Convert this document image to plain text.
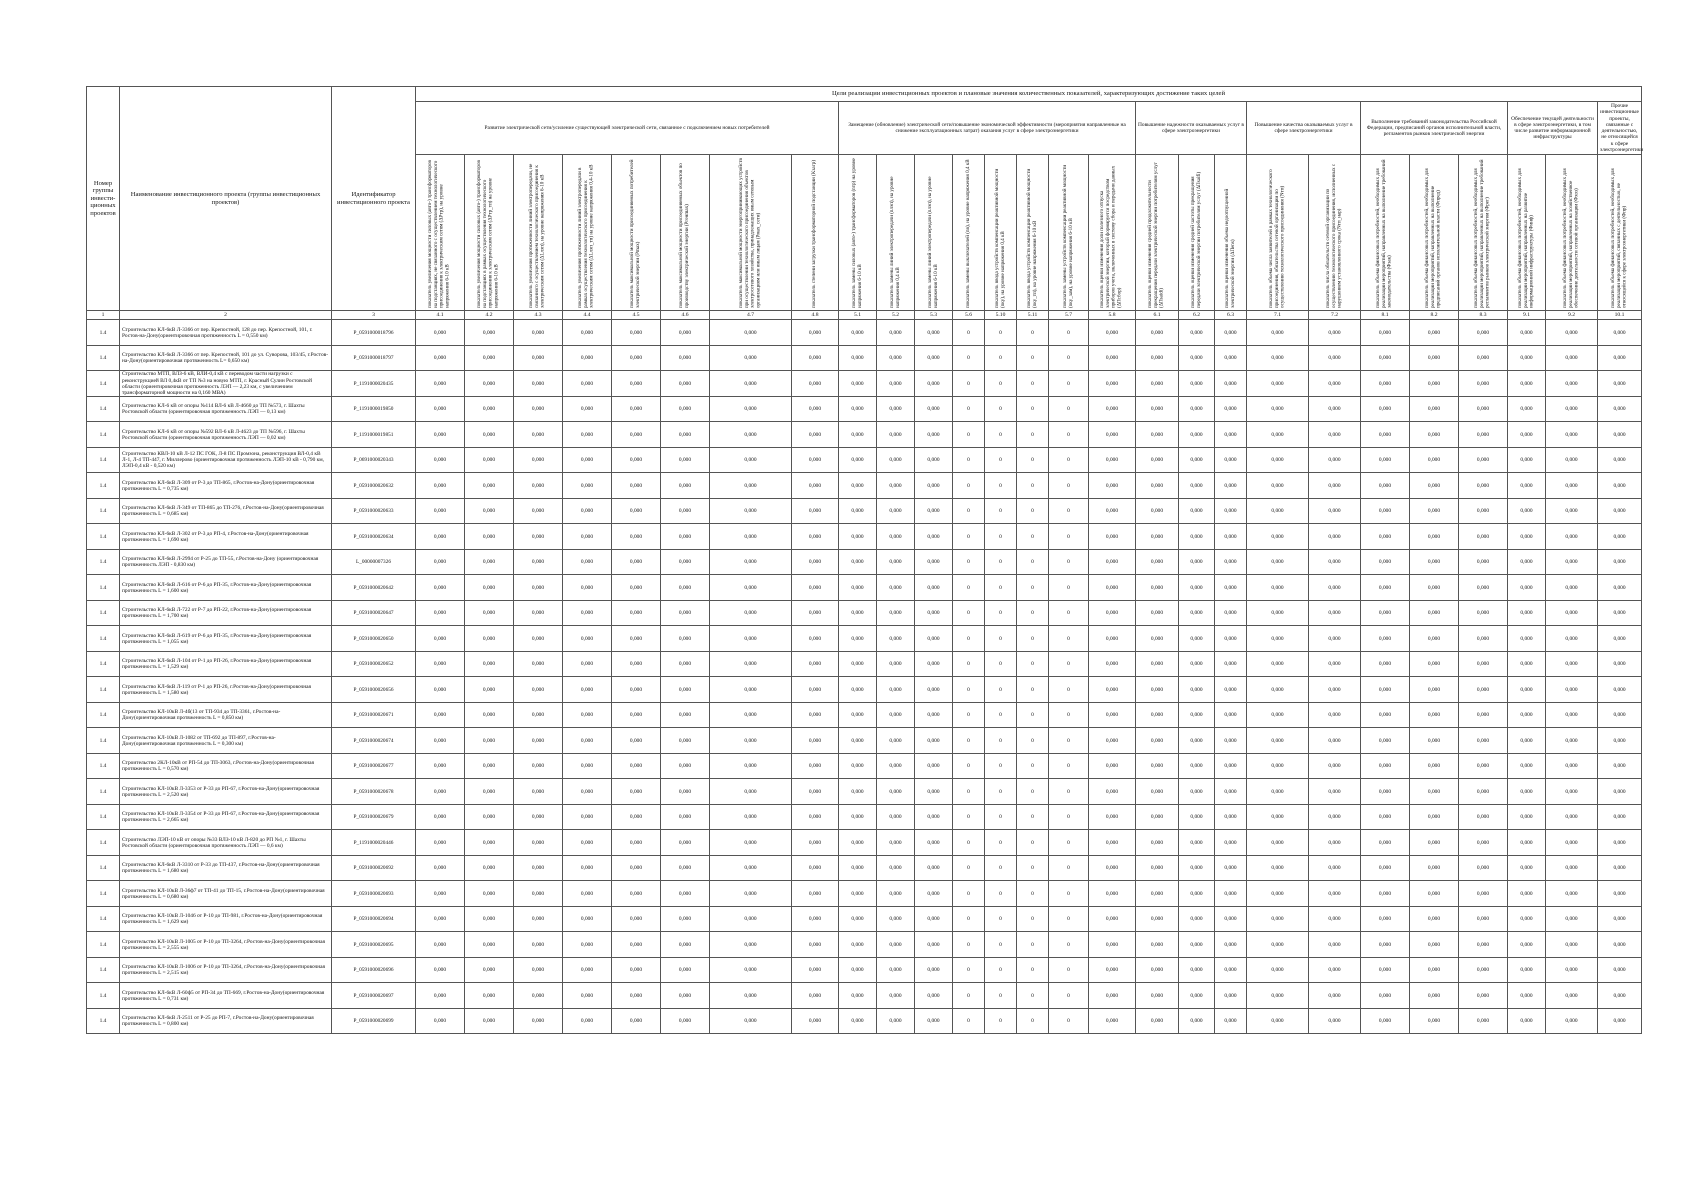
Номер группы инвести-ционных проектов	Наименование инвестиционного проекта (группы инвестиционных проектов)	Идентификатор инвестиционного проекта	Цели реализации инвестиционных проектов и плановые значения количественных показателей, характеризующих достижение таких целей																										
			Развитие электрической сети/усиление существующей электрической сети, связанное с подключением новых потребителей								Замещение (обновление) электрической сети/повышение экономической эффективности (мероприятия направленные на снижение эксплуатационных затрат) оказания услуг в сфере электроэнергетики								Повышение надежности оказываемых услуг в сфере электроэнергетики			Повышение качества оказываемых услуг в сфере электроэнергетики		Выполнение требований законодательства Российской Федерации, предписаний органов исполнительной власти, регламентов рынков электрической энергии			Обеспечение текущей деятельности в сфере электроэнергетики, в том числе развитие информационной инфраструктуры		Прочие инвестиционные проекты, связанные с деятельностью, не относящейся к сфере электроэнергетики

			показатель увеличения мощности силовых (авто-) трансформаторов на подстанциях, не связанного с осуществлением технологического присоединения к электрическим сетям (ΔPтр), на уровне напряжения 6-10 кВ	показатель увеличения мощности силовых (авто-) трансформаторов на подстанциях в рамках осуществления технологического присоединения к электрическим сетям (ΔPтр_тп) на уровне напряжения 6-10 кВ	показатель увеличения протяженности линий электропередачи, не связанного с осуществлением технологического присоединения к электрическим сетям (ΔLлэп), на уровне напряжения 6-10 кВ	показатель увеличения протяженности линий электропередачи в рамках осуществления технологического присоединения к электрическим сетям (ΔLлэп_тп) на уровне напряжения 0,4-10 кВ	показатель максимальной мощности присоединяемых потребителей электрической энергии (Pmax)	показатель максимальной мощности присоединяемых объектов по производству электрической энергии (Pгенmax)	показатель максимальной мощности энергопринимающих устройств при осуществлении технологического присоединения объектов электросетевого хозяйства, принадлежащих иным сетевым организациям или иным лицам (Pмаx_сети)	показатель степени загрузки трансформаторной подстанции (Kзагр)	показатель замены силовых (авто-) трансформаторов (nтр) на уровне напряжения 6-10 кВ	показатель замены линий электропередачи (nлэп), на уровне напряжения 0,4 кВ	показатель замены линий электропередачи (nлэп), на уровне напряжения 6-10 кВ	показатель замены выключателей (nв), на уровне напряжения 0,4 кВ	показатель ввода устройств компенсации реактивной мощности (nку), на уровне напряжения 0,4 кВ	показатель ввода устройств компенсации реактивной мощности (nку_тп), на уровне напряжения 6-10 кВ	показатель замены устройств компенсации реактивной мощности (nку_зам), на уровне напряжения 6-10 кВ	показатель оценки изменения доли полезного отпуска электрической энергии, который формируется посредством приборов учета, включенных в систему сбора и передачи данных (ΔПсбор)	показатель оценки изменения средней продолжительности прекращения передачи электрической энергии потребителям услуг (ΔПsaidi)	показатель оценки изменения средней частоты прекращения передачи электрической энергии потребителям услуг (ΔПsaifi)	показатель оценки изменения объема недоотпущенной электрической энергии (ΔПens)	показатель объема числа заявителей в рамках технологического присоединения, обязательства сетевой организации по осуществлению технологического присоединения (Nтп)	показатель числа обязательств сетевой организации по осуществлению технологического присоединения, исполненных с нарушением установленного срока (Nтп_нар)	показатель объема финансовых потребностей, необходимых для реализации мероприятий, направленных на выполнение требований законодательства (Фзак)	показатель объема финансовых потребностей, необходимых для реализации мероприятий, направленных на выполнение предписаний органов исполнительной власти (Фпред)	показатель объема финансовых потребностей, необходимых для реализации мероприятий, направленных на выполнение требований регламентов рынков электрической энергии (Фрег)	показатель объема финансовых потребностей, необходимых для реализации мероприятий, направленных на развитие информационной инфраструктуры (Финф)	показатель объема финансовых потребностей, необходимых для реализации мероприятий, направленных на хозяйственное обеспечение деятельности сетевой организации (Фхоз)	показатель объема финансовых потребностей, необходимых для реализации мероприятий, связанных с деятельностью, не относящейся к сфере электроэнергетики (Фпр)

1	2	3	4.1	4.2	4.3	4.4	4.5	4.6	4.7	4.8	5.1	5.2	5.3	5.6	5.10	5.11	5.7	5.8	6.1	6.2	6.3	7.1	7.2	8.1	8.2	8.3	9.1	9.2	10.1
1.4	Строительство КЛ-6кВ Л-3366 от пер. Крепостной, 128 до пер. Крепостной, 101, г. Ростов-на-Дону(ориентировочная протяженность L = 0,550 км)	P_0591000018796	0,000	0,000	0,000	0,000	0,000	0,000	0,000	0,000	0,000	0,000	0,000	0	0	0	0	0,000	0,000	0,000	0,000	0,000	0,000	0,000	0,000	0,000	0,000	0,000	0,000
1.4	Строительство КЛ-6кВ Л-3366 от пер. Крепостной, 101 до ул. Суворова, 103/45, г.Ростов-на-Дону(ориентировочная протяженность L= 0,650 км)	P_0591000018797	0,000	0,000	0,000	0,000	0,000	0,000	0,000	0,000	0,000	0,000	0,000	0	0	0	0	0,000	0,000	0,000	0,000	0,000	0,000	0,000	0,000	0,000	0,000	0,000	0,000
1.4	Строительство МТП, ВЛЗ-6 кВ, ВЛИ-0,4 кВ с переводом части нагрузки с реконструкцией ВЛ 0,4кВ от ТП №3 на новую МТП, г. Красный Сулин Ростовской области (ориентировочная протяженность ЛЭП — 2,23 км, с увеличением трансформаторной мощности на 0,160 МВА)	P_1191000020435	0,000	0,000	0,000	0,000	0,000	0,000	0,000	0,000	0,000	0,000	0,000	0	0	0	0	0,000	0,000	0,000	0,000	0,000	0,000	0,000	0,000	0,000	0,000	0,000	0,000
1.4	Строительство КЛ-6 кВ от опоры №114 ВЛ-6 кВ Л-4660 до ТП №573, г. Шахты Ростовской области (ориентировочная протяженность ЛЭП — 0,13 км)	P_1191000019850	0,000	0,000	0,000	0,000	0,000	0,000	0,000	0,000	0,000	0,000	0,000	0	0	0	0	0,000	0,000	0,000	0,000	0,000	0,000	0,000	0,000	0,000	0,000	0,000	0,000
1.4	Строительство КЛ-6 кВ от опоры №592 ВЛ-6 кВ Л-4623 до ТП №596, г. Шахты Ростовской области (ориентировочная протяженность ЛЭП — 0,02 км)	P_1191000019851	0,000	0,000	0,000	0,000	0,000	0,000	0,000	0,000	0,000	0,000	0,000	0	0	0	0	0,000	0,000	0,000	0,000	0,000	0,000	0,000	0,000	0,000	0,000	0,000	0,000
1.4	Строительство КВЛ-10 кВ Л-12 ПС ГОК, Л-8 ПС Промзона, реконструкция ВЛ-0,4 кВ Л-1, Л-4 ТП-447, г. Миллерово (ориентировочная протяженность ЛЭП-10 кВ - 0,790 км, ЛЭП-0,4 кВ - 0,520 км)	P_0691000020343	0,000	0,000	0,000	0,000	0,000	0,000	0,000	0,000	0,000	0,000	0,000	0	0	0	0	0,000	0,000	0,000	0,000	0,000	0,000	0,000	0,000	0,000	0,000	0,000	0,000
1.4	Строительство КЛ-6кВ Л-309 от Р-3 до ТП-865, г.Ростов-на-Дону(ориентировочная протяженность L = 0,735 км)	P_0591000020632	0,000	0,000	0,000	0,000	0,000	0,000	0,000	0,000	0,000	0,000	0,000	0	0	0	0	0,000	0,000	0,000	0,000	0,000	0,000	0,000	0,000	0,000	0,000	0,000	0,000
1.4	Строительство КЛ-6кВ Л-349 от ТП-865 до ТП-276, г.Ростов-на-Дону(ориентировочная протяженность L = 0,685 км)	P_0591000020633	0,000	0,000	0,000	0,000	0,000	0,000	0,000	0,000	0,000	0,000	0,000	0	0	0	0	0,000	0,000	0,000	0,000	0,000	0,000	0,000	0,000	0,000	0,000	0,000	0,000
1.4	Строительство КЛ-6кВ Л-302 от Р-3 до РП-4, г.Ростов-на-Дону(ориентировочная протяженность L = 1,690 км)	P_0591000020634	0,000	0,000	0,000	0,000	0,000	0,000	0,000	0,000	0,000	0,000	0,000	0	0	0	0	0,000	0,000	0,000	0,000	0,000	0,000	0,000	0,000	0,000	0,000	0,000	0,000
1.4	Строительство КЛ-6кВ Л-2994 от Р-25 до ТП-55, г.Ростов-на-Дону (ориентировочная протяженность ЛЭП - 0,830 км)	L_00000007326	0,000	0,000	0,000	0,000	0,000	0,000	0,000	0,000	0,000	0,000	0,000	0	0	0	0	0,000	0,000	0,000	0,000	0,000	0,000	0,000	0,000	0,000	0,000	0,000	0,000
1.4	Строительство КЛ-6кВ Л-616 от Р-6 до РП-35, г.Ростов-на-Дону(ориентировочная протяженность L = 1,600 км)	P_0591000020642	0,000	0,000	0,000	0,000	0,000	0,000	0,000	0,000	0,000	0,000	0,000	0	0	0	0	0,000	0,000	0,000	0,000	0,000	0,000	0,000	0,000	0,000	0,000	0,000	0,000
1.4	Строительство КЛ-6кВ Л-722 от Р-7 до РП-22, г.Ростов-на-Дону(ориентировочная протяженность L = 1,700 км)	P_0591000020647	0,000	0,000	0,000	0,000	0,000	0,000	0,000	0,000	0,000	0,000	0,000	0	0	0	0	0,000	0,000	0,000	0,000	0,000	0,000	0,000	0,000	0,000	0,000	0,000	0,000
1.4	Строительство КЛ-6кВ Л-619 от Р-6 до РП-35, г.Ростов-на-Дону(ориентировочная протяженность L = 1,055 км)	P_0591000020650	0,000	0,000	0,000	0,000	0,000	0,000	0,000	0,000	0,000	0,000	0,000	0	0	0	0	0,000	0,000	0,000	0,000	0,000	0,000	0,000	0,000	0,000	0,000	0,000	0,000
1.4	Строительство КЛ-6кВ Л-104 от Р-1 до РП-26, г.Ростов-на-Дону(ориентировочная протяженность L = 1,529 км)	P_0591000020652	0,000	0,000	0,000	0,000	0,000	0,000	0,000	0,000	0,000	0,000	0,000	0	0	0	0	0,000	0,000	0,000	0,000	0,000	0,000	0,000	0,000	0,000	0,000	0,000	0,000
1.4	Строительство КЛ-6кВ Л-119 от Р-1 до РП-26, г.Ростов-на-Дону(ориентировочная протяженность L = 1,580 км)	P_0591000020656	0,000	0,000	0,000	0,000	0,000	0,000	0,000	0,000	0,000	0,000	0,000	0	0	0	0	0,000	0,000	0,000	0,000	0,000	0,000	0,000	0,000	0,000	0,000	0,000	0,000
1.4	Строительство КЛ-10кВ Л-4б(13 от ТП-934 до ТП-3361, г.Ростов-на-Дону(ориентировочная протяженность L = 0,850 км)	P_0591000020671	0,000	0,000	0,000	0,000	0,000	0,000	0,000	0,000	0,000	0,000	0,000	0	0	0	0	0,000	0,000	0,000	0,000	0,000	0,000	0,000	0,000	0,000	0,000	0,000	0,000
1.4	Строительство КЛ-10кВ Л-1082 от ТП-692 до ТП-897, г.Ростов-на-Дону(ориентировочная протяженность L = 0,300 км)	P_0591000020674	0,000	0,000	0,000	0,000	0,000	0,000	0,000	0,000	0,000	0,000	0,000	0	0	0	0	0,000	0,000	0,000	0,000	0,000	0,000	0,000	0,000	0,000	0,000	0,000	0,000
1.4	Строительство 2КЛ-10кВ от РП-54 до ТП-3063, г.Ростов-на-Дону(ориентировочная протяженность L = 0,570 км)	P_0591000020677	0,000	0,000	0,000	0,000	0,000	0,000	0,000	0,000	0,000	0,000	0,000	0	0	0	0	0,000	0,000	0,000	0,000	0,000	0,000	0,000	0,000	0,000	0,000	0,000	0,000
1.4	Строительство КЛ-10кВ Л-3353 от Р-33 до РП-67, г.Ростов-на-Дону(ориентировочная протяженность L = 2,520 км)	P_0591000020678	0,000	0,000	0,000	0,000	0,000	0,000	0,000	0,000	0,000	0,000	0,000	0	0	0	0	0,000	0,000	0,000	0,000	0,000	0,000	0,000	0,000	0,000	0,000	0,000	0,000
1.4	Строительство КЛ-10кВ Л-3354 от Р-33 до РП-67, г.Ростов-на-Дону(ориентировочная протяженность L = 2,665 км)	P_0591000020679	0,000	0,000	0,000	0,000	0,000	0,000	0,000	0,000	0,000	0,000	0,000	0	0	0	0	0,000	0,000	0,000	0,000	0,000	0,000	0,000	0,000	0,000	0,000	0,000	0,000
1.4	Строительство ЛЭП-10 кВ от опоры №33 ВЛЗ-10 кВ Л-820 до РП №1, г. Шахты Ростовской области (ориентировочная протяженность ЛЭП — 0,6 км)	P_1191000020446	0,000	0,000	0,000	0,000	0,000	0,000	0,000	0,000	0,000	0,000	0,000	0	0	0	0	0,000	0,000	0,000	0,000	0,000	0,000	0,000	0,000	0,000	0,000	0,000	0,000
1.4	Строительство КЛ-6кВ Л-3310 от Р-33 до ТП-437, г.Ростов-на-Дону(ориентировочная протяженность L = 1,680 км)	P_0591000020692	0,000	0,000	0,000	0,000	0,000	0,000	0,000	0,000	0,000	0,000	0,000	0	0	0	0	0,000	0,000	0,000	0,000	0,000	0,000	0,000	0,000	0,000	0,000	0,000	0,000
1.4	Строительство КЛ-10кВ Л-36ф7 от ТП-41 до ТП-15, г.Ростов-на-Дону(ориентировочная протяженность L = 0,680 км)	P_0591000020693	0,000	0,000	0,000	0,000	0,000	0,000	0,000	0,000	0,000	0,000	0,000	0	0	0	0	0,000	0,000	0,000	0,000	0,000	0,000	0,000	0,000	0,000	0,000	0,000	0,000
1.4	Строительство КЛ-10кВ Л-1046 от Р-10 до ТП-981, г.Ростов-на-Дону(ориентировочная протяженность L = 1,629 км)	P_0591000020694	0,000	0,000	0,000	0,000	0,000	0,000	0,000	0,000	0,000	0,000	0,000	0	0	0	0	0,000	0,000	0,000	0,000	0,000	0,000	0,000	0,000	0,000	0,000	0,000	0,000
1.4	Строительство КЛ-10кВ Л-1005 от Р-10 до ТП-3264, г.Ростов-на-Дону(ориентировочная протяженность L = 2,555 км)	P_0591000020695	0,000	0,000	0,000	0,000	0,000	0,000	0,000	0,000	0,000	0,000	0,000	0	0	0	0	0,000	0,000	0,000	0,000	0,000	0,000	0,000	0,000	0,000	0,000	0,000	0,000
1.4	Строительство КЛ-10кВ Л-1006 от Р-10 до ТП-3264, г.Ростов-на-Дону(ориентировочная протяженность L = 2,515 км)	P_0591000020696	0,000	0,000	0,000	0,000	0,000	0,000	0,000	0,000	0,000	0,000	0,000	0	0	0	0	0,000	0,000	0,000	0,000	0,000	0,000	0,000	0,000	0,000	0,000	0,000	0,000
1.4	Строительство КЛ-6кВ Л-60ф5 от РП-34 до ТП-669, г.Ростов-на-Дону(ориентировочная протяженность L = 0,731 км)	P_0591000020697	0,000	0,000	0,000	0,000	0,000	0,000	0,000	0,000	0,000	0,000	0,000	0	0	0	0	0,000	0,000	0,000	0,000	0,000	0,000	0,000	0,000	0,000	0,000	0,000	0,000
1.4	Строительство КЛ-6кВ Л-2511 от Р-25 до РП-7, г.Ростов-на-Дону(ориентировочная протяженность L = 0,800 км)	P_0591000020699	0,000	0,000	0,000	0,000	0,000	0,000	0,000	0,000	0,000	0,000	0,000	0	0	0	0	0,000	0,000	0,000	0,000	0,000	0,000	0,000	0,000	0,000	0,000	0,000	0,000
